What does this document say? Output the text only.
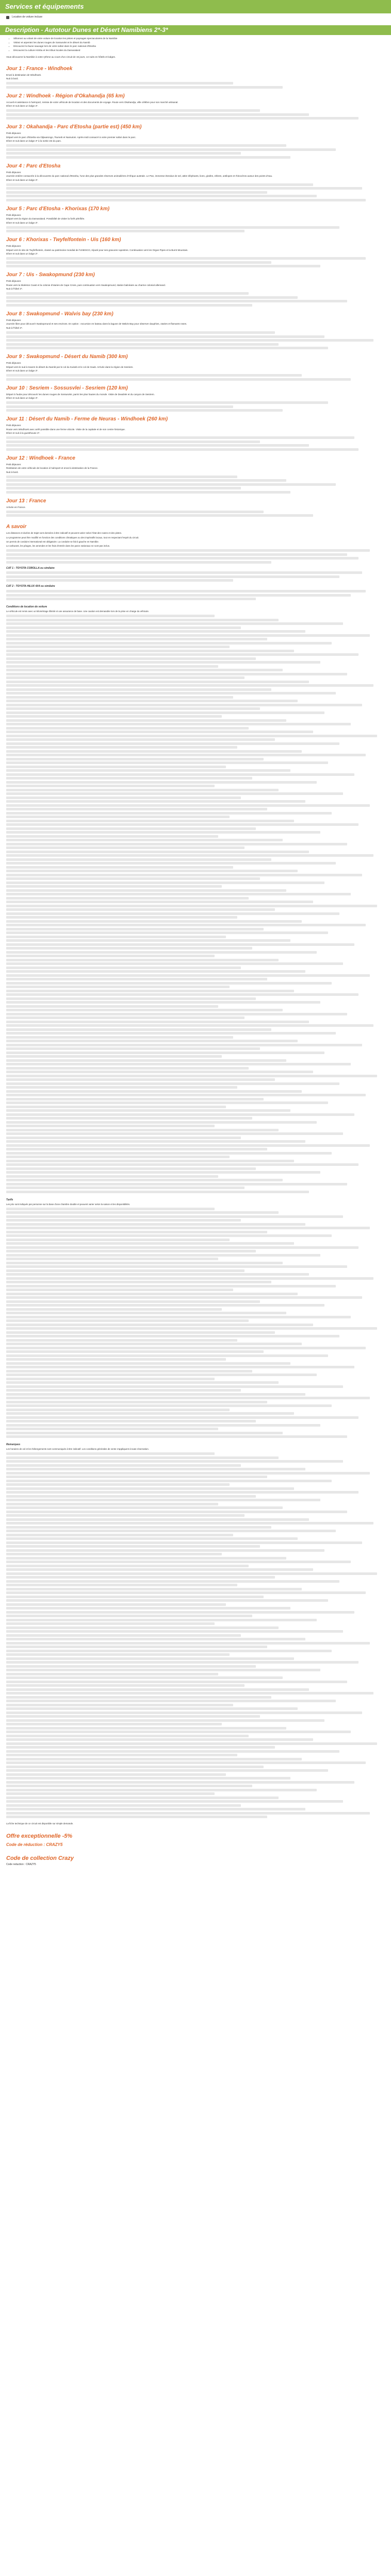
Services et équipements
Location de voiture incluse
Description - Autotour Dunes et Désert Namibiens 2*-3*
• Sillonnez au volant de votre voiture de location les pistes et paysages spectaculaires de la Namibie
• Visitez et arpentez les dunes rouges de Sossusvlei et le désert du Namib
• Découvrez la faune sauvage lors de votre safari dans le parc national d'Etosha
• Découvrez la culture Himba et les tribus locales du Damaraland
Vous découvrez la Namibie à votre rythme au cours d'un circuit de 15 jours, 14 nuits en hôtels et lodges.
Jour 1 : France - Windhoek

Envol à destination de Windhoek.

Nuit à bord.

Jour 2 : Windhoek - Région d'Okahandja (65 km)

Accueil et assistance à l'aéroport, remise de votre véhicule de location et des documents de voyage. Route vers Okahandja, ville célèbre pour son marché artisanal.

Dîner et nuit dans un lodge 3*.

Jour 3 : Okahandja - Parc d'Etosha (partie est) (450 km)

Petit déjeuner.

Départ vers le parc d'Etosha via Otjiwarongo, Tsumeb et Namutoni. Après-midi consacré à votre premier safari dans le parc.

Dîner et nuit dans un lodge 3* à la sortie est du parc.

Jour 4 : Parc d'Etosha

Petit déjeuner.

Journée entière consacrée à la découverte du parc national d'Etosha, l'une des plus grandes réserves animalières d'Afrique australe. Le Pan, immense étendue de sel, attire éléphants, lions, girafes, zèbres, antilopes et rhinocéros autour des points d'eau.

Dîner et nuit dans un lodge 3*.

Jour 5 : Parc d'Etosha - Khorixas (170 km)

Petit déjeuner.

Départ vers la région du Damaraland. Possibilité de visiter la forêt pétrifiée.

Dîner et nuit dans un lodge 3*.

Jour 6 : Khorixas - Twyfelfontein - Uis (160 km)

Petit déjeuner.

Départ vers le site de Twyfelfontein, classé au patrimoine mondial de l'UNESCO, réputé pour ses gravures rupestres. Continuation vers les Organ Pipes et la Burnt Mountain.

Dîner et nuit dans un lodge 2*.

Jour 7 : Uis - Swakopmund (230 km)

Petit déjeuner.

Route vers la Skeleton Coast et la colonie d'otaries de Cape Cross, puis continuation vers Swakopmund, station balnéaire au charme colonial allemand.

Nuit à l'hôtel 3*.

Jour 8 : Swakopmund - Walvis bay (230 km)

Petit déjeuner.

Journée libre pour découvrir Swakopmund et ses environs. En option : excursion en bateau dans la lagune de Walvis Bay pour observer dauphins, otaries et flamants roses.

Nuit à l'hôtel 3*.

Jour 9 : Swakopmund - Désert du Namib (300 km)

Petit déjeuner.

Départ vers le sud à travers le désert du Namib par le col du Kuiseb et le col de Gaub. Arrivée dans la région de Sesriem.

Dîner et nuit dans un lodge 3*.

Jour 10 : Sesriem - Sossusvlei - Sesriem (120 km)

Départ à l'aube pour découvrir les dunes rouges de Sossusvlei, parmi les plus hautes du monde. Visite de Deadvlei et du canyon de Sesriem.

Dîner et nuit dans un lodge 3*.

Jour 11 : Désert du Namib - Ferme de Neuras - Windhoek (260 km)

Petit déjeuner.

Route vers Windhoek avec arrêt possible dans une ferme viticole. Visite de la capitale et de son centre historique.

Dîner et nuit à la guesthouse 3*.

Jour 12 : Windhoek - France

Petit déjeuner.

Restitution de votre véhicule de location à l'aéroport et envol à destination de la France.

Nuit à bord.

Jour 13 : France

Arrivée en France.

A savoir

Les distances et durées de trajet sont données à titre indicatif et peuvent varier selon l'état des routes et des pistes.

Le programme peut être modifié en fonction des conditions climatiques ou des impératifs locaux, tout en respectant l'esprit du circuit.

Un permis de conduire international est obligatoire. La conduite se fait à gauche en Namibie.

Le carburant, les péages, les amendes et les frais d'entrée dans les parcs nationaux ne sont pas inclus.

CAT 1 : TOYOTA COROLLA ou similaire
CAT 2 : TOYOTA HILUX 4X4 ou similaire
Conditions de location de voiture

Le véhicule est remis avec un kilométrage illimité et une assurance de base. Une caution est demandée lors de la prise en charge du véhicule.

Tarifs

Les prix sont indiqués par personne sur la base d'une chambre double et peuvent varier selon la saison et les disponibilités.

Remarques

Les horaires de vol et les hébergements sont communiqués à titre indicatif. Les conditions générales de vente s'appliquent à toute réservation.

La fiche technique de ce circuit est disponible sur simple demande.
Offre exceptionnelle -5%
Code de réduction : CRAZY5
Code de collection Crazy
Code reduction : CRAZY5
